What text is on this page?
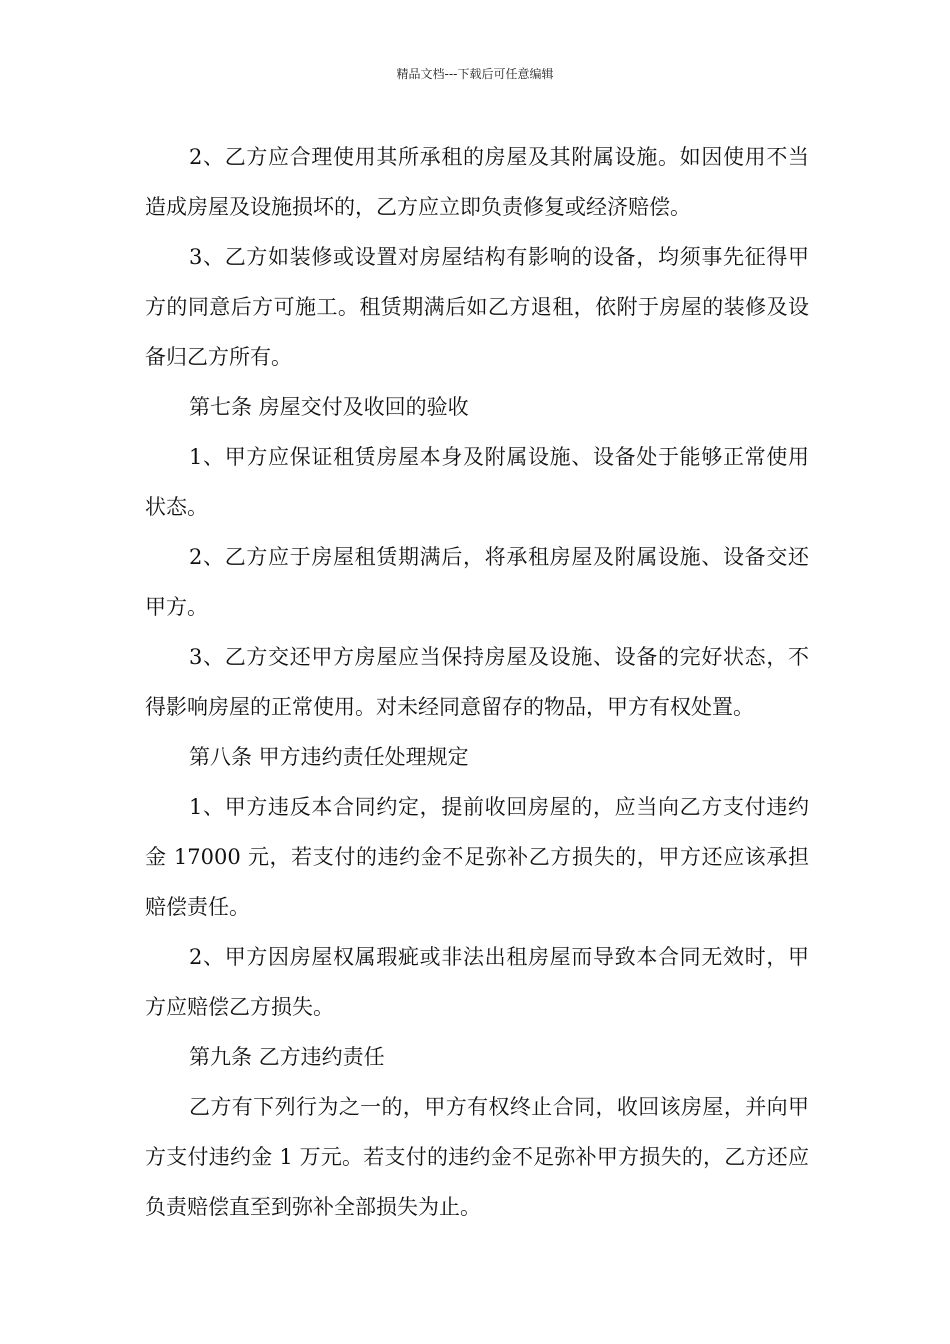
精品文档---下载后可任意编辑

2、乙方应合理使用其所承租的房屋及其附属设施。如因使用不当造成房屋及设施损坏的，乙方应立即负责修复或经济赔偿。

3、乙方如装修或设置对房屋结构有影响的设备，均须事先征得甲方的同意后方可施工。租赁期满后如乙方退租，依附于房屋的装修及设备归乙方所有。

第七条 房屋交付及收回的验收

1、甲方应保证租赁房屋本身及附属设施、设备处于能够正常使用状态。

2、乙方应于房屋租赁期满后，将承租房屋及附属设施、设备交还甲方。

3、乙方交还甲方房屋应当保持房屋及设施、设备的完好状态，不得影响房屋的正常使用。对未经同意留存的物品，甲方有权处置。

第八条 甲方违约责任处理规定

1、甲方违反本合同约定，提前收回房屋的，应当向乙方支付违约金 17000 元，若支付的违约金不足弥补乙方损失的，甲方还应该承担赔偿责任。

2、甲方因房屋权属瑕疵或非法出租房屋而导致本合同无效时，甲方应赔偿乙方损失。

第九条 乙方违约责任

乙方有下列行为之一的，甲方有权终止合同，收回该房屋，并向甲方支付违约金 1 万元。若支付的违约金不足弥补甲方损失的，乙方还应负责赔偿直至到弥补全部损失为止。
